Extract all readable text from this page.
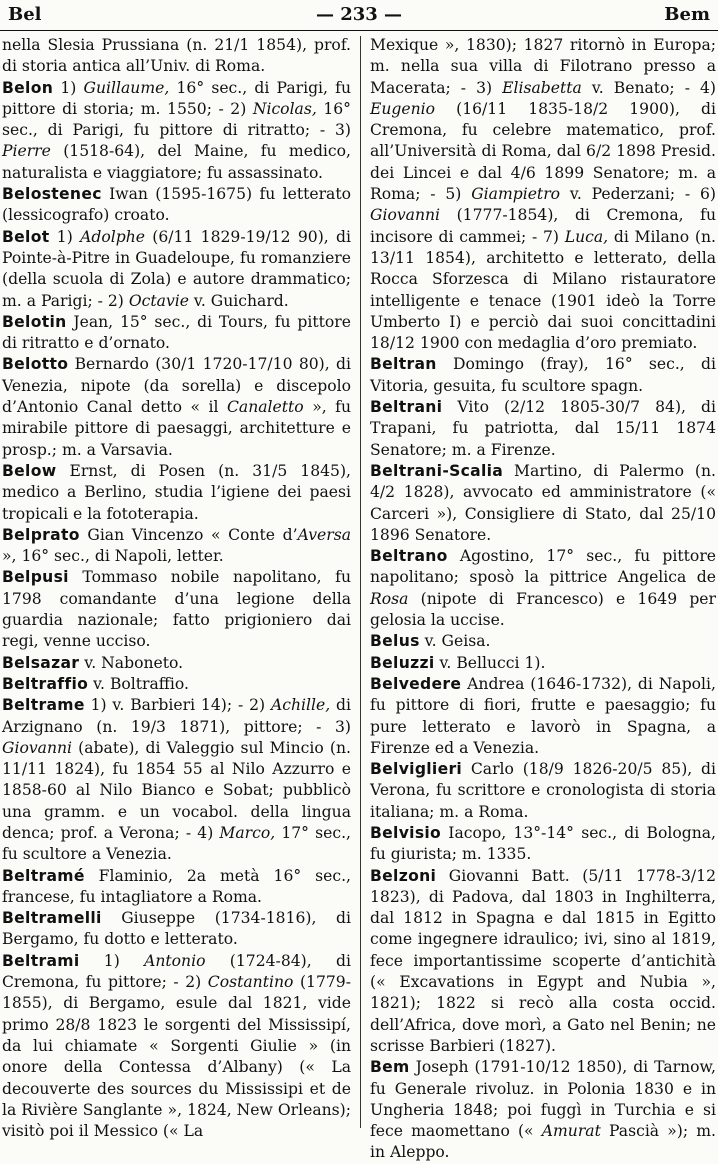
Bel	— 233 —	Bem
nella Slesia Prussiana (n. 21/1 1854), prof. di storia antica all’Univ. di Roma.
Belon 1) Guillaume, 16° sec., di Parigi, fu pittore di storia; m. 1550; - 2) Nicolas, 16° sec., di Parigi, fu pittore di ritratto; - 3) Pierre (1518-64), del Maine, fu medico, naturalista e viaggiatore; fu assassinato.
Belostenec Iwan (1595-1675) fu letterato (lessicografo) croato.
Belot 1) Adolphe (6/11 1829-19/12 90), di Pointe-à-Pitre in Guadeloupe, fu romanziere (della scuola di Zola) e autore drammatico; m. a Parigi; - 2) Octavie v. Guichard.
Belotin Jean, 15° sec., di Tours, fu pittore di ritratto e d’ornato.
Belotto Bernardo (30/1 1720-17/10 80), di Venezia, nipote (da sorella) e discepolo d’Antonio Canal detto « il Canaletto », fu mirabile pittore di paesaggi, architetture e prosp.; m. a Varsavia.
Below Ernst, di Posen (n. 31/5 1845), medico a Berlino, studia l’igiene dei paesi tropicali e la fototerapia.
Belprato Gian Vincenzo « Conte d’Aversa », 16° sec., di Napoli, letter.
Belpusi Tommaso nobile napolitano, fu 1798 comandante d’una legione della guardia nazionale; fatto prigioniero dai regi, venne ucciso.
Belsazar v. Naboneto.
Beltraffio v. Boltraffio.
Beltrame 1) v. Barbieri 14); - 2) Achille, di Arzignano (n. 19/3 1871), pittore; - 3) Giovanni (abate), di Valeggio sul Mincio (n. 11/11 1824), fu 1854 55 al Nilo Azzurro e 1858-60 al Nilo Bianco e Sobat; pubblicò una gramm. e un vocabol. della lingua denca; prof. a Verona; - 4) Marco, 17° sec., fu scultore a Venezia.
Beltramé Flaminio, 2a metà 16° sec., francese, fu intagliatore a Roma.
Beltramelli Giuseppe (1734-1816), di Bergamo, fu dotto e letterato.
Beltrami 1) Antonio (1724-84), di Cremona, fu pittore; - 2) Costantino (1779-1855), di Bergamo, esule dal 1821, vide primo 28/8 1823 le sorgenti del Mississipí, da lui chiamate « Sorgenti Giulie » (in onore della Contessa d’Albany) (« La decouverte des sources du Mississipi et de la Rivière Sanglante », 1824, New Orleans); visitò poi il Messico (« La
Mexique », 1830); 1827 ritornò in Europa; m. nella sua villa di Filotrano presso a Macerata; - 3) Elisabetta v. Benato; - 4) Eugenio (16/11 1835-18/2 1900), di Cremona, fu celebre matematico, prof. all’Università di Roma, dal 6/2 1898 Presid. dei Lincei e dal 4/6 1899 Senatore; m. a Roma; - 5) Giampietro v. Pederzani; - 6) Giovanni (1777-1854), di Cremona, fu incisore di cammei; - 7) Luca, di Milano (n. 13/11 1854), architetto e letterato, della Rocca Sforzesca di Milano ristauratore intelligente e tenace (1901 ideò la Torre Umberto I) e perciò dai suoi concittadini 18/12 1900 con medaglia d’oro premiato.
Beltran Domingo (fray), 16° sec., di Vitoria, gesuita, fu scultore spagn.
Beltrani Vito (2/12 1805-30/7 84), di Trapani, fu patriotta, dal 15/11 1874 Senatore; m. a Firenze.
Beltrani-Scalia Martino, di Palermo (n. 4/2 1828), avvocato ed amministratore (« Carceri »), Consigliere di Stato, dal 25/10 1896 Senatore.
Beltrano Agostino, 17° sec., fu pittore napolitano; sposò la pittrice Angelica de Rosa (nipote di Francesco) e 1649 per gelosia la uccise.
Belus v. Geisa.
Beluzzi v. Bellucci 1).
Belvedere Andrea (1646-1732), di Napoli, fu pittore di fiori, frutte e paesaggio; fu pure letterato e lavorò in Spagna, a Firenze ed a Venezia.
Belviglieri Carlo (18/9 1826-20/5 85), di Verona, fu scrittore e cronologista di storia italiana; m. a Roma.
Belvisio Iacopo, 13°-14° sec., di Bologna, fu giurista; m. 1335.
Belzoni Giovanni Batt. (5/11 1778-3/12 1823), di Padova, dal 1803 in Inghilterra, dal 1812 in Spagna e dal 1815 in Egitto come ingegnere idraulico; ivi, sino al 1819, fece importantissime scoperte d’antichità (« Excavations in Egypt and Nubia », 1821); 1822 si recò alla costa occid. dell’Africa, dove morì, a Gato nel Benin; ne scrisse Barbieri (1827).
Bem Joseph (1791-10/12 1850), di Tarnow, fu Generale rivoluz. in Polonia 1830 e in Ungheria 1848; poi fuggì in Turchia e si fece maomettano (« Amurat Pascià »); m. in Aleppo.
